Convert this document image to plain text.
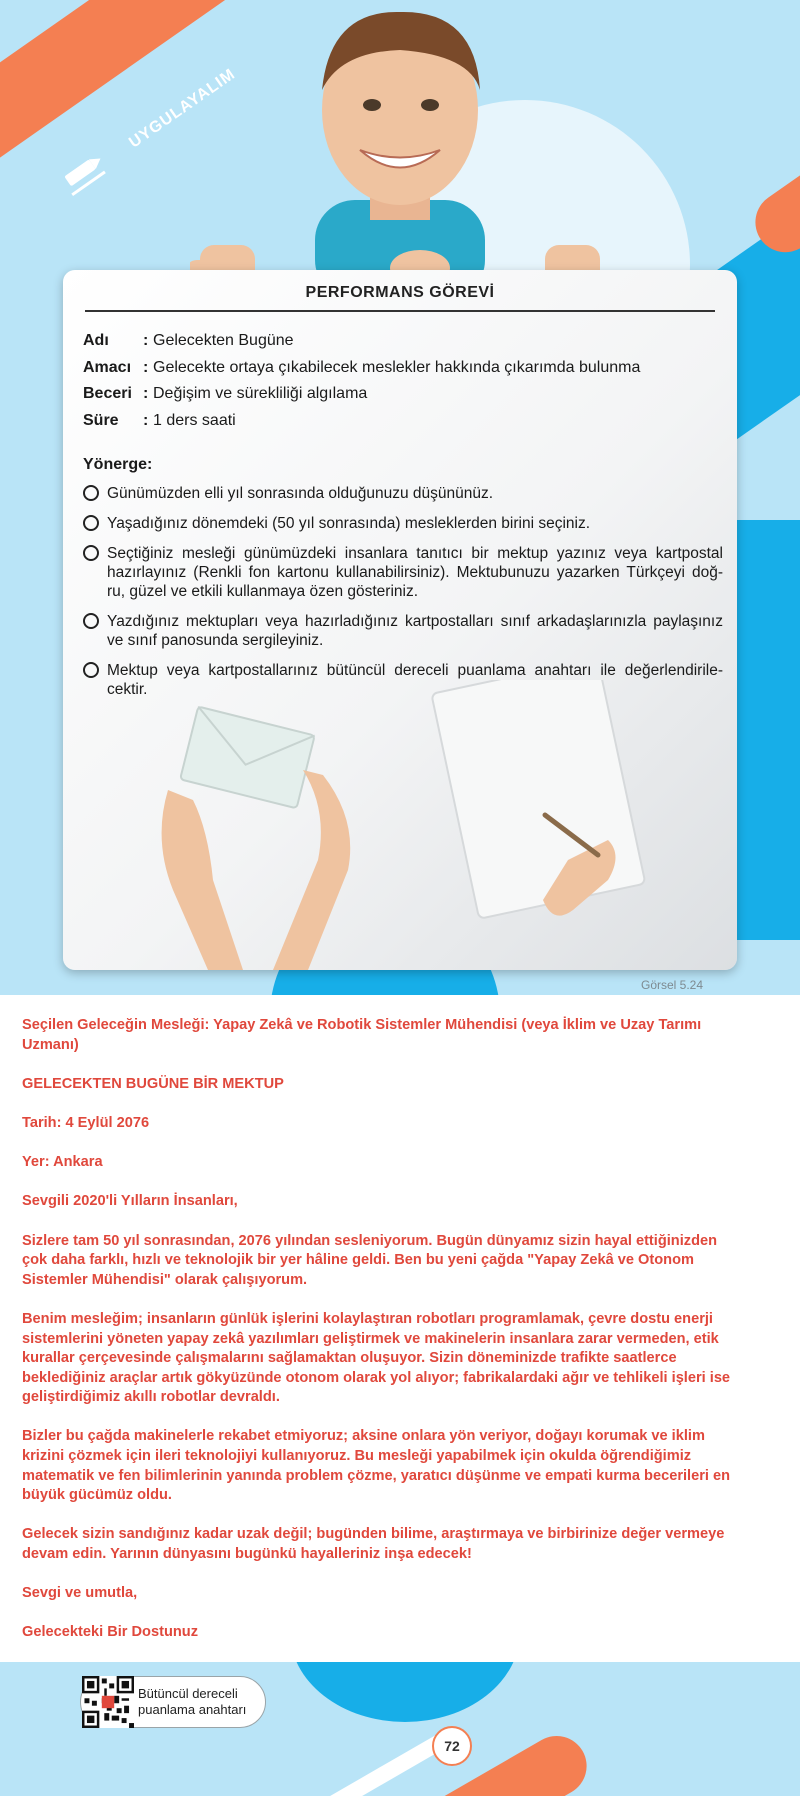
UYGULAYALIM
PERFORMANS GÖREVİ
Adı	: Gelecekten Bugüne
Amacı : Gelecekte ortaya çıkabilecek meslekler hakkında çıkarımda bulunma
Beceri : Değişim ve sürekliliği algılama
Süre	: 1 ders saati
Yönerge:
Günümüzden elli yıl sonrasında olduğunuzu düşününüz.
Yaşadığınız dönemdeki (50 yıl sonrasında) mesleklerden birini seçiniz.
Seçtiğiniz mesleği günümüzdeki insanlara tanıtıcı bir mektup yazınız veya kartpostal hazırlayınız (Renkli fon kartonu kullanabilirsiniz). Mektubunuzu yazarken Türkçeyi doğ- ru, güzel ve etkili kullanmaya özen gösteriniz.
Yazdığınız mektupları veya hazırladığınız kartpostalları sınıf arkadaşlarınızla paylaşınız ve sınıf panosunda sergileyiniz.
Mektup veya kartpostallarınız bütüncül dereceli puanlama anahtarı ile değerlendirile- cektir.
Görsel 5.24

Seçilen Geleceğin Mesleği: Yapay Zekâ ve Robotik Sistemler Mühendisi (veya İklim ve Uzay Tarımı Uzmanı)

GELECEKTEN BUGÜNE BİR MEKTUP

Tarih: 4 Eylül 2076

Yer: Ankara

Sevgili 2020'li Yılların İnsanları,

Sizlere tam 50 yıl sonrasından, 2076 yılından sesleniyorum. Bugün dünyamız sizin hayal ettiğinizden çok daha farklı, hızlı ve teknolojik bir yer hâline geldi. Ben bu yeni çağda "Yapay Zekâ ve Otonom Sistemler Mühendisi" olarak çalışıyorum.

Benim mesleğim; insanların günlük işlerini kolaylaştıran robotları programlamak, çevre dostu enerji sistemlerini yöneten yapay zekâ yazılımları geliştirmek ve makinelerin insanlara zarar vermeden, etik kurallar çerçevesinde çalışmalarını sağlamaktan oluşuyor. Sizin döneminizde trafikte saatlerce beklediğiniz araçlar artık gökyüzünde otonom olarak yol alıyor; fabrikalardaki ağır ve tehlikeli işleri ise geliştirdiğimiz akıllı robotlar devraldı.

Bizler bu çağda makinelerle rekabet etmiyoruz; aksine onlara yön veriyor, doğayı korumak ve iklim krizini çözmek için ileri teknolojiyi kullanıyoruz. Bu mesleği yapabilmek için okulda öğrendiğimiz matematik ve fen bilimlerinin yanında problem çözme, yaratıcı düşünme ve empati kurma becerileri en büyük gücümüz oldu.

Gelecek sizin sandığınız kadar uzak değil; bugünden bilime, araştırmaya ve birbirinize değer vermeye devam edin. Yarının dünyasını bugünkü hayalleriniz inşa edecek!

Sevgi ve umutla,

Gelecekteki Bir Dostunuz

Bütüncül dereceli
puanlama anahtarı
72
